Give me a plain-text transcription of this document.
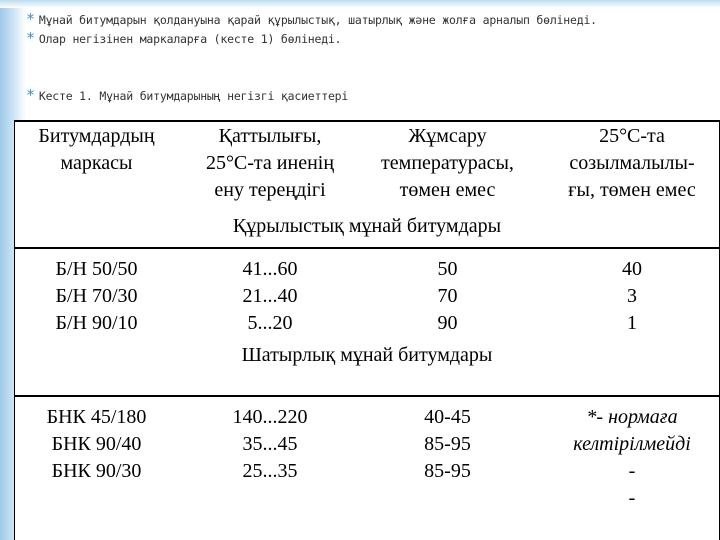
* Мұнай битумдарын қолдануына қарай құрылыстық, шатырлық және жолға арналып бөлінеді.
* Олар негізінен маркаларға (кесте 1) бөлінеді.
* Кесте 1. Мұнай битумдарының негізгі қасиеттері
Битумдардың
маркасы
Қаттылығы,
25°С-та иненің
ену тереңдігі
Жұмсару
температурасы,
төмен емес
25°С-та
созылмалылы-
ғы, төмен емес
Құрылыстық мұнай битумдары
Б/Н 50/50
Б/Н 70/30
Б/Н 90/10
41...60
21...40
5...20
50
70
90
40
3
1
Шатырлық мұнай битумдары
БНК 45/180
БНК 90/40
БНК 90/30
140...220
35...45
25...35
40-45
85-95
85-95
*- нормаға
келтірілмейді
-
-
